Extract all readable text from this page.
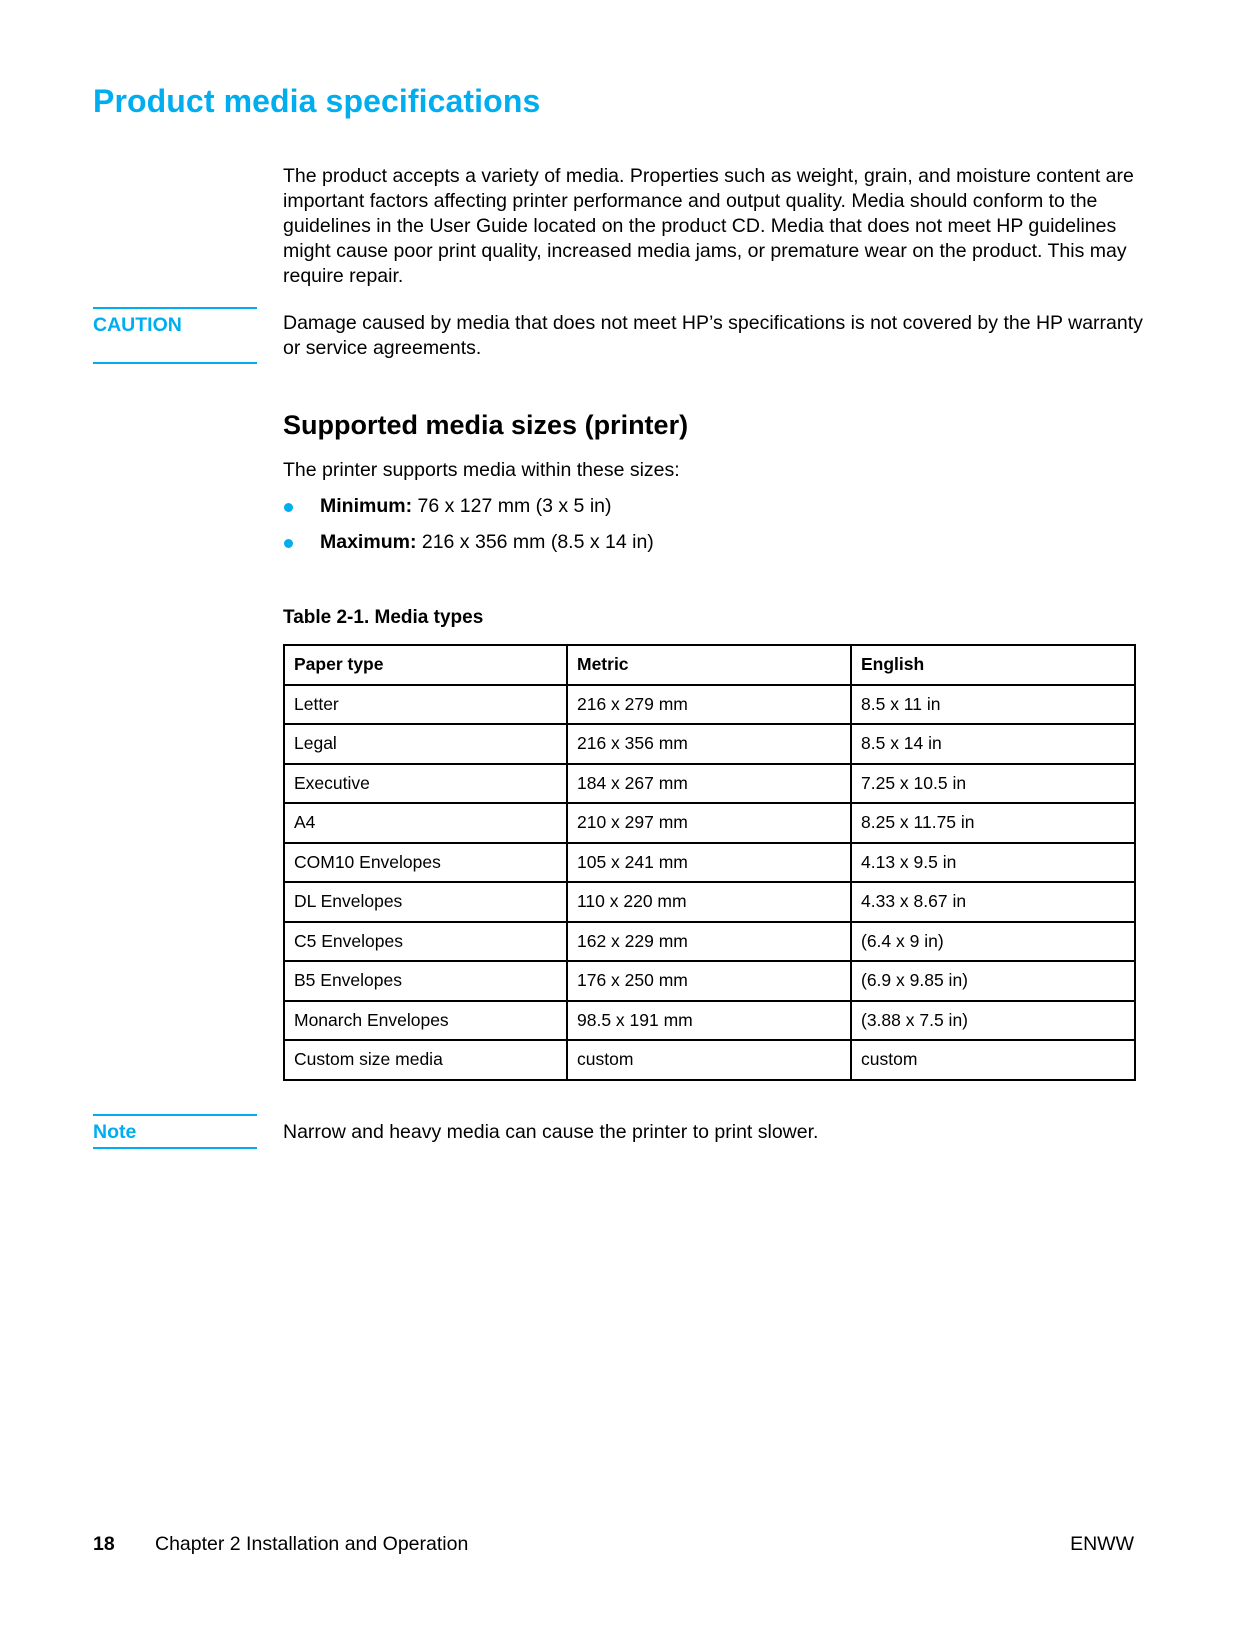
Product media specifications

The product accepts a variety of media. Properties such as weight, grain, and moisture content are important factors affecting printer performance and output quality. Media should conform to the guidelines in the User Guide located on the product CD. Media that does not meet HP guidelines might cause poor print quality, increased media jams, or premature wear on the product. This may require repair.

CAUTION	Damage caused by media that does not meet HP’s specifications is not covered by the HP warranty or service agreements.

Supported media sizes (printer)

The printer supports media within these sizes:

Minimum: 76 x 127 mm (3 x 5 in)
Maximum: 216 x 356 mm (8.5 x 14 in)
Table 2-1. Media types
Paper type	Metric	English
Letter	216 x 279 mm	8.5 x 11 in
Legal	216 x 356 mm	8.5 x 14 in
Executive	184 x 267 mm	7.25 x 10.5 in
A4	210 x 297 mm	8.25 x 11.75 in
COM10 Envelopes	105 x 241 mm	4.13 x 9.5 in
DL Envelopes	110 x 220 mm	4.33 x 8.67 in
C5 Envelopes	162 x 229 mm	(6.4 x 9 in)
B5 Envelopes	176 x 250 mm	(6.9 x 9.85 in)
Monarch Envelopes	98.5 x 191 mm	(3.88 x 7.5 in)
Custom size media	custom	custom
Note	Narrow and heavy media can cause the printer to print slower.

18 Chapter 2 Installation and Operation	ENWW
